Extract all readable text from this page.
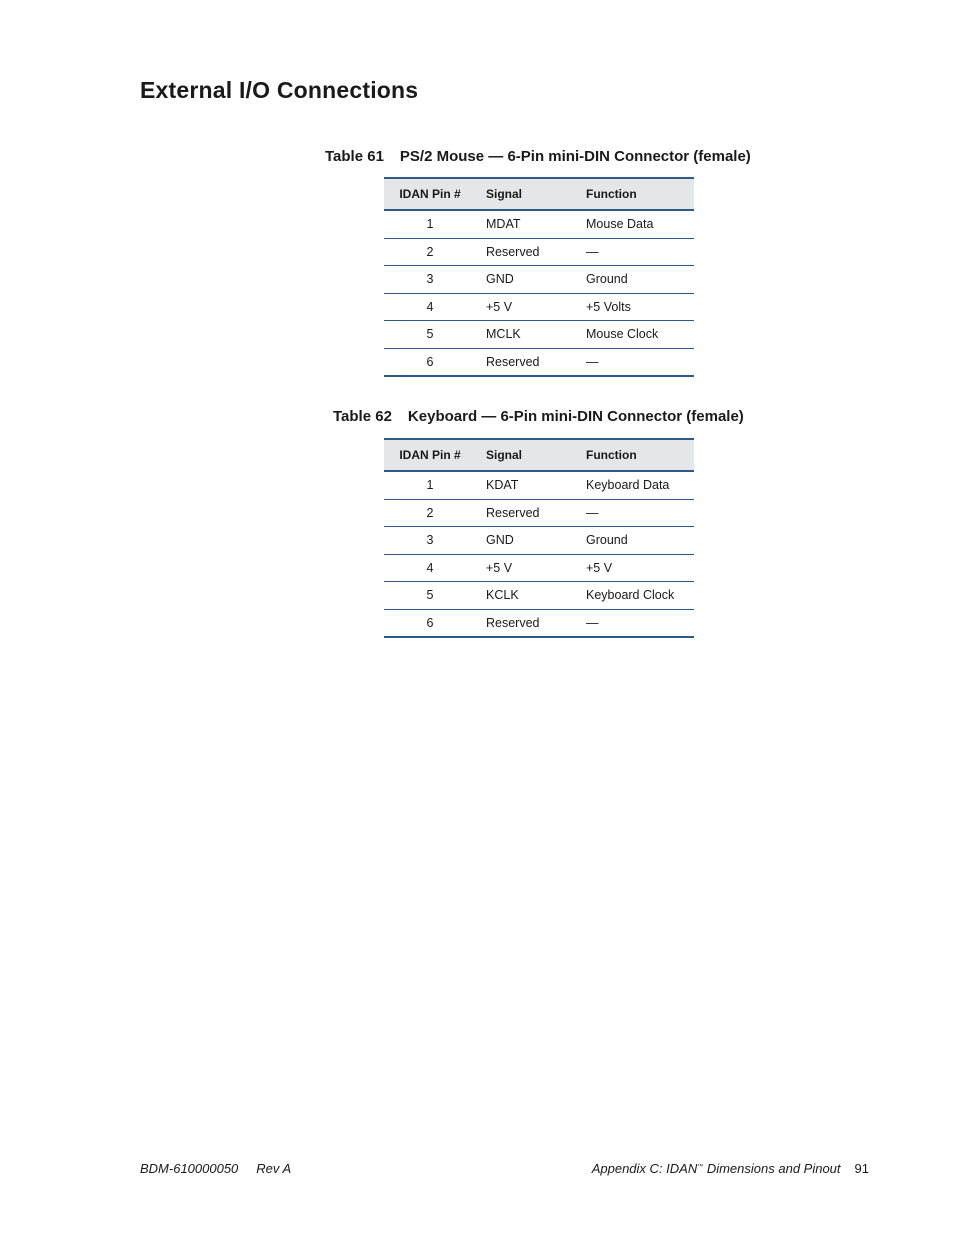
External I/O Connections
Table 61 PS/2 Mouse — 6-Pin mini-DIN Connector (female)
IDAN Pin #	Signal	Function
1	MDAT	Mouse Data
2	Reserved	—
3	GND	Ground
4	+5 V	+5 Volts
5	MCLK	Mouse Clock
6	Reserved	—
Table 62 Keyboard — 6-Pin mini-DIN Connector (female)
IDAN Pin #	Signal	Function
1	KDAT	Keyboard Data
2	Reserved	—
3	GND	Ground
4	+5 V	+5 V
5	KCLK	Keyboard Clock
6	Reserved	—
BDM-610000050 Rev A	Appendix C: IDAN™ Dimensions and Pinout 91
